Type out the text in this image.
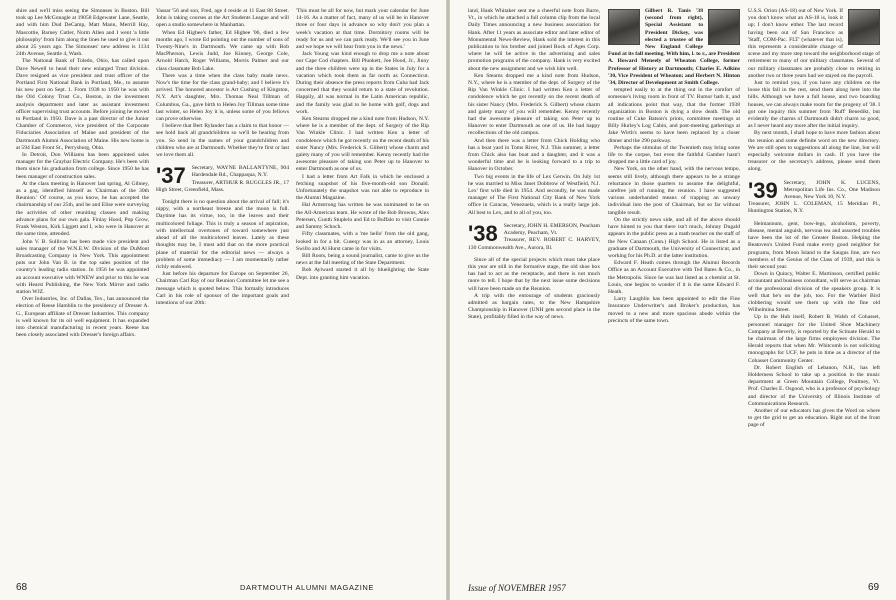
shire and we'll miss seeing the Simonses in Boston. Bill took up Lee McGonagle at 19058 Edgewater Lane, Seattle, and with him Dud DeCamp, Matt Mann, Merrill Hay, Mascottie, Barney Cutler, Norm Allen and I went 'a little philosophy' from him along the lines he used to give it out about 25 years ago. The Simonses' new address is 1134 24th Avenue, Seattle 4, Wash.

The National Bank of Toledo, Ohio, has called upon Dave Newell to head their new enlarged Trust division. Dave resigned as vice president and trust officer of the Portland First National Bank in Portland, Me., to assume his new post on Sept. 1. From 1938 to 1950 he was with the Old Colony Trust Co., Boston, in the investment analysis department and later as assistant investment officer supervising trust accounts. Before joining he moved to Portland in 1950. Dave is a past director of the Junior Chamber of Commerce, vice president of the Corporate Fiduciaries Association of Maine and president of the Dartmouth Alumni Association of Maine. His new home is at 594 East Front St., Perrysburg, Ohio.

In Detroit, Don Williams has been appointed sales manager for the Graybar Electric Company. He's been with them since his graduation from college. Since 1950 he has been manager of construction sales.

At the class meeting in Hanover last spring, Al Gibney, as a gag, identified himself as 'Chairman of the 30th Reunion.' Of course, as you know, he has accepted the chairmanship of our 25th, and he and Elise were surveying the activities of other reuniting classes and making advance plans for our own gala. Finlay Hood, Pop Grow, Frank Weston, Kirk Liggett and I, who were in Hanover at the same time, attended.

John V. B. Sullivan has been made vice president and sales manager of the W.N.E.W. Division of the DuMont Broadcasting Company in New York. This appointment puts our John Van B. in the top sales position of the country's leading radio station. In 1956 he was appointed an account executive with WNEW and prior to this he was with Hearst Publishing, the New York Mirror and radio station WJZ.

Over Industries, Inc. of Dallas, Tex., has announced the election of Reese Hamblin to the presidency of Dresser A. G., European affiliate of Dresser Industries. This company is well known for its oil well equipment. It has expanded into chemical manufacturing in recent years. Reese has been closely associated with Dresser's foreign affairs.

Vassar '56 and son, Fred, age 4 reside at 11 East 88 Street. John is taking courses at the Art Students League and will open a studio somewhere in Manhattan.

When Ed Higbee's father, Ed Higbee '06, died a few months ago, I wrote Ed pointing out the number of sons of Twenty-Nine's in Dartmouth. We came up with Bob MacPherson, Lewis Judd, Joe Kinney, George Cole, Arnold Hatch, Roger Williams, Morris Palmer and our class classmate Bob Lake.

There was a time when the class baby made news. Now's the time for the class grand-baby; and I believe it's arrived. The honored ancestor is Art Cushing of Kingston, N.Y. Art's daughter, Mrs. Thomas Neal Tillman of Columbus, Ga., gave birth to Helen Joy Tillman some time last winter, so Helen Joy it is, unless some of you fellows can prove otherwise.

I believe that Bert Rylander has a claim to that honor — see hold back all grandchildren so we'll be hearing from you. So send in the names of your grandchildren and children who are at Dartmouth. Whether they're first or last we love them all.

'37	Secretary, WAYNE BALLANTYNE, 904 Hardendale Rd., Chappaqua, N.Y.
Treasurer, ARTHUR R. RUGGLES JR., 17 High Street, Greenfield, Mass.

Tonight there is no question about the arrival of fall; it's nippy, with a northeast breeze and the moon is full. Daytime has its virtue, too, in the leaves and their multicolored foliage. This is truly a season of aspiration, with intellectual overtones of toward somewhere just ahead of all the multicolored leaves. Lately as these thoughts may be, I must add that on the more practical plane of material for the editorial news — always a problem of some immediacy — I am momentarily rather richly endowed.

Just before his departure for Europe on September 26, Chairman Carl Ray of our Reunion Committee let me see a message which is quoted below. This formally introduces Carl in his role of sponsor of the important goals and intentions of our 20th:

'This must be all for now, but mark your calendar for June 14-16. As a matter of fact, many of us will be in Hanover three or four days in advance so why don't you plan a week's vacation at that time. Dormitory rooms will be ready for us and we can park ready. We'll see you in June and we hope we will hear from you in the news.'

Jack Young was kind enough to drop me a note about our Cape Cod chapters. Bill Plunkett, Joe Hood, Jr., Jinny and the three children were up in the States in July for a vacation which took them as far north as Connecticut. During their absence the press reports from Cuba had Jack concerned that they would return to a state of revolution. Happily, all was normal in the Latin American republic, and the family was glad to be home with golf, dogs and work.

Ken Stearns dropped me a kind note from Hudson, N.Y. where he is a member of the dept. of Surgery of the Rip Van Winkle Clinic. I had written Ken a letter of condolence which he got recently on the recent death of his sister Nancy (Mrs. Frederick S. Gilbert) whose charm and gaiety many of you will remember. Kenny recently had the awesome pleasure of taking son Peter up to Hanover to enter Dartmouth as one of us.

I had a letter from Art Falk in which he enclosed a fetching snapshot of his five-month-old son Donald. Unfortunately the snapshot was not able to reproduce in the Alumni Magazine.

Hal Armstrong has written he was nominated to be on the All-American team. He wrote of the Bob Browns, Alex Petersen, Gunth Stuplein and Ed to Buffalo to visit Connie and Sammy Schoch.

Fifty classmates, with a 'me hello' from the old gang, looked in for a bit. Cuseqy was in as an attorney, Louis Swillo and Al Hurst came in for visits.

Bill Roots, being a sound journalist, came to give us the news at the fall meeting of the State Department.

Bob Aylward started it all by bluelighting the State Dept. into granting him vacation.

68	DARTMOUTH ALUMNI MAGAZINE

land, Hank Whitaker sent me a cheerful note from Barre, Vt., in which he attached a full column clip from the local Daily Times announcing a new business association for Hank. After 11 years as associate editor and later editor of Monumental News-Review, Hank sold the interest in this publication to his brother and joined Rock of Ages Corp. where he will be active in the advertising and sales promotion programs of the company. Hank is very excited about the new assignment and we wish him well.

Ken Stearns dropped me a kind note from Hudson, N.Y., where he is a member of the dept. of Surgery of the Rip Van Winkle Clinic. I had written Ken a letter of condolence which he got recently on the recent death of his sister Nancy (Mrs. Frederick S. Gilbert) whose charm and gaiety many of you will remember. Kenny recently had the awesome pleasure of taking son Peter up to Hanover to enter Dartmouth as one of us. He had happy recollections of the old campus.

And then there was a letter from Chick Holding who has a boat yard in Toms River, N.J. This summer, a letter from Chick also has boat and a daughter, and it was a wonderful time and he is looking forward to a trip to Hanover in October.

Two big events in the life of Lex Gerwin. On July 1st he was married to Miss Janet Dobbrow of Westfield, N.J. Lex' first wife died in 1954. And secondly, he was made manager of The First National City Bank of New York office in Caracas, Venezuela, which is a really large job. All best to Lex, and to all of you, too.

'38	Secretary, JOHN H. EMERSON, Peacham Academy, Peacham, Vt.
Treasurer, REV. ROBERT C. HARVEY, 130 Commonwealth Ave., Aurora, Ill.

Since all of the special projects which must take place this year are still in the formative stage, the old shoe box has had to act as the receptacle, and there is not much more to tell. I hope that by the next issue some decisions will have been made on the Reunion.

A trip with the entourage of students graciously admitted as bargain rates, to the New Hampshire Championship in Hanover (UNH gets second place in the State), profitably filled in the way of news.

Gilbert R. Tanis '38 (second from right), Special Assistant to President Dickey, was elected a trustee of the New England College Fund at its fall meeting. With him, l. to r., are President A. Howard Meneely of Wheaton College, former Professor of History at Dartmouth; Charles E. Adkins '30, Vice President of Wheaton; and Herbert N. Hinton '34, Director of Development at Smith College.

tempted easily to at the thing out in the comfort of someone's living room in front of TV. Rumor hath it, and all indications point that way, that the former 1938 organization in Boston is dying a slow death. The old routine of Cuke Batson's prints, committee meetings at Billy Hurley's Log Cabin, and post-meeting gatherings at Jake Wirth's seems to have been replaced by a closer dinner and the 290 parkway.

Perhaps the stimulus of the Twentieth may bring some life to the corpse, but even the faithful Gamber hasn't dropped me a little card of joy.

New York, on the other hand, with the nervous tempo, seems still lively, although there appears to be a strange reluctance in those quarters to assume the delightful, carefree job of running the reunion. I have suggested various underhanded means of trapping an unwary individual into the post of Chairman, but so far without tangible result.

On the strictly news side, and all of the above should have hinted to you that there isn't much, Johnny Dugald appears in the public press as a math teacher on the staff of the New Canaan (Conn.) High School. He is listed as a graduate of Dartmouth, the University of Connecticut, and working for his Ph.D. at the latter institution.

Edward F. Heath comes through the Alumni Records Office as an Account Executive with Ted Bates & Co., in the Metropolis. Since he was last listed as a chemist at St. Louis, one begins to wonder if it is the same Edward F. Heath.

Larry Laughlin has been appointed to edit the Fine Insurance Underwriter's and Broker's production, has moved to a new and more spacious abode within the precincts of the same town.

U.S.S. Orion (AS-18) out of New York. If you don't know what an AS-18 is, look it up; I don't know either. The last record having been out of San Francisco as 'Staff, COM-Pac. FLT' (whatever that is), this represents a considerable change of scene and my more step toward the neighborhood stage of retirement to many of our military classmates. Several of our military classmates are probably close to retiring in another two or three years had we stayed on the payroll.

Just to remind you, if you have any children on the loose this fall in the rest, send them along here into the hills. Although we have a full house, and two boarding houses, we can always make room for the progeny of '38. I got one inquiry this summer from 'Ruff' Benedikt, but evidently the charms of Dartmouth didn't charm so good, as I never heard any more after the initial inquiry.

By next month, I shall hope to have more fashion about the reunion and some definite word on the new directory. We are still open to suggestions all along the line, but will especially welcome dollars in cash. If you have the treasurer or the secretary's address, please send them along.

'39	Secretary, JOHN K. LUCENS, Metropolitan Life Ins. Co., One Madison Avenue, New York 10, N.Y.
Treasurer, JOHN L. COLEMAN, 15 Meridian Pl., Huntington Station, N.Y.

Heimannum, gent, bow-legs, alcoholism, poverty, disease, mental anguish, nervous tea and assorted troubles have been the lot of the Greater Boston. Helping the Beatoven's United Fund make every good neighbor for programs, from Moon Island to the Saugus line, are two members of the Genius of the Class of 1939, and this is their second year.

Down in Quincy, Walter E. Martinson, certified public accountant and business consultant, will serve as chairman of the professional division of the speakers group. It is well that he's on the job, too. For the Warbler Bird clobbering would see them up with the fine old Wilhelmina Street.

Up in the Hub itself, Robert B. Walsh of Cohasset, personnel manager for the United Shoe Machinery Company at Beverly, is reported by the Scituate Herald to be chairman of the large firms employees division. The Herald reports that when Mr. Whitcomb is not soliciting monographs for UCF, he puts in time as a director of the Cohasset Community Center.

Dr. Robert English of Lebanon, N.H., has left Holderness School to take up a position in the music department at Green Mountain College, Poultney, Vt. Prof. Charles E. Osgood, who is a professor of psychology and director of the University of Illinois Institute of Communications Research.

Another of our educators has given the Word on where to get the grid to get an education. Right out of the front page of

Issue of NOVEMBER 1957	69
